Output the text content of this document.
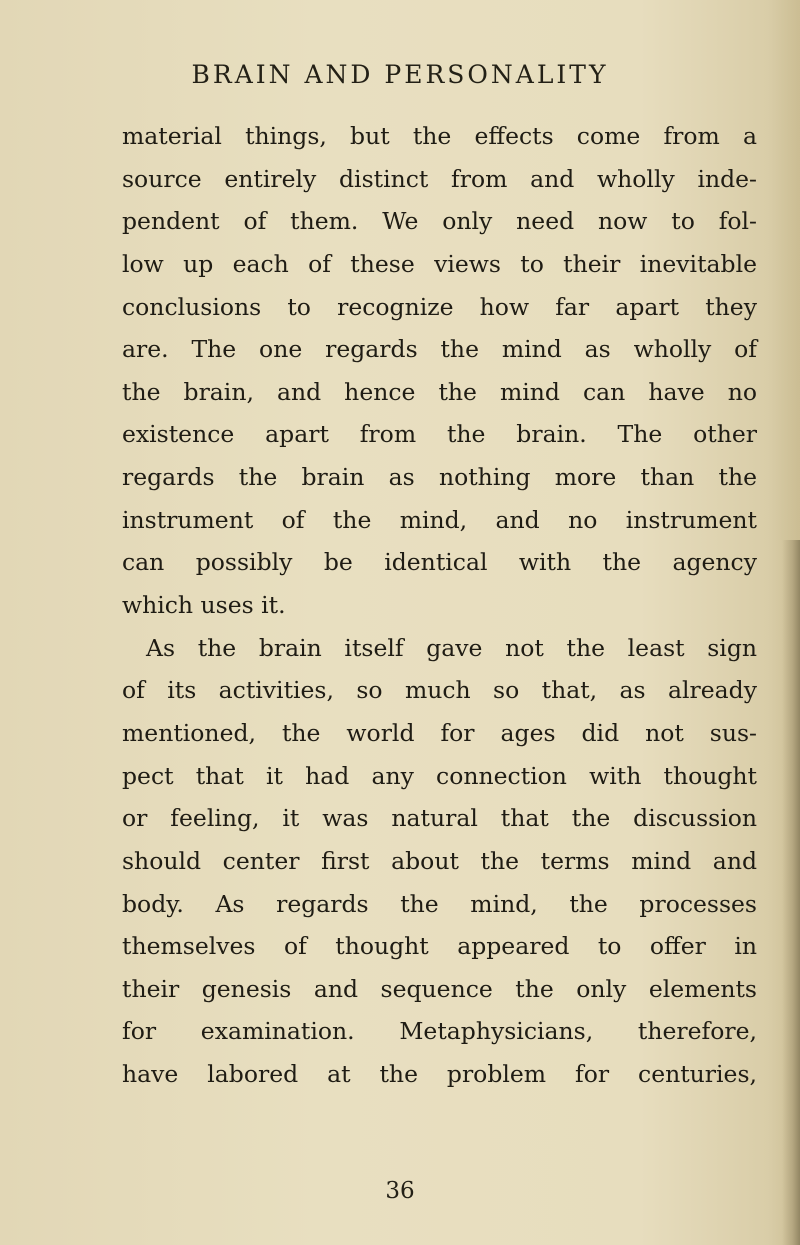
BRAIN AND PERSONALITY
material things, but the effects come from a
source entirely distinct from and wholly inde-
pendent of them. We only need now to fol-
low up each of these views to their inevitable
conclusions to recognize how far apart they
are. The one regards the mind as wholly of
the brain, and hence the mind can have no
existence apart from the brain. The other
regards the brain as nothing more than the
instrument of the mind, and no instrument
can possibly be identical with the agency
which uses it.
As the brain itself gave not the least sign
of its activities, so much so that, as already
mentioned, the world for ages did not sus-
pect that it had any connection with thought
or feeling, it was natural that the discussion
should center first about the terms mind and
body. As regards the mind, the processes
themselves of thought appeared to offer in
their genesis and sequence the only elements
for examination. Metaphysicians, therefore,
have labored at the problem for centuries,
36
